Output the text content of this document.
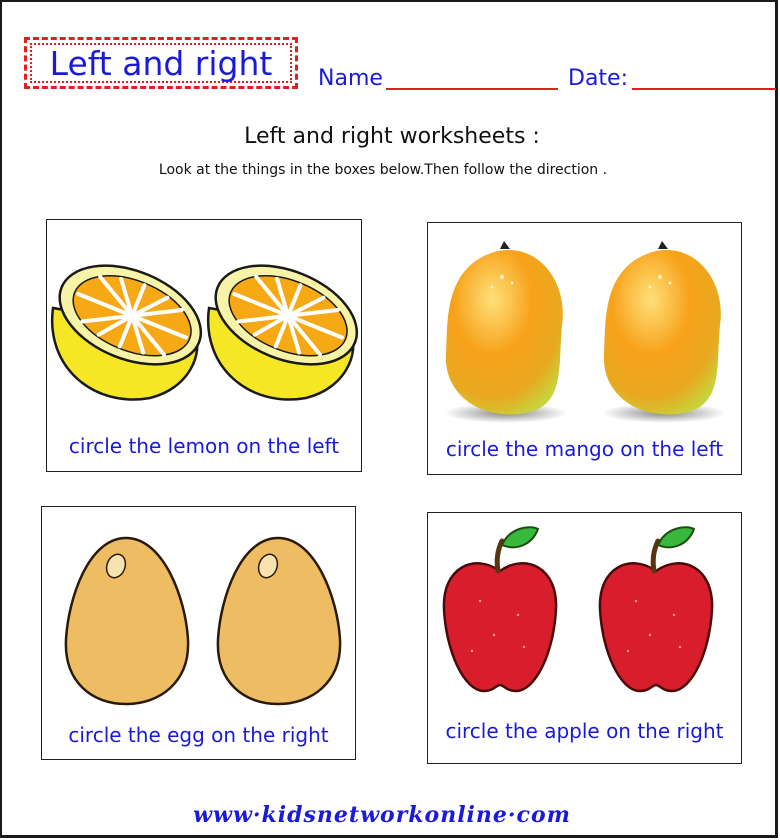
Left and right Name	Date:
Left and right worksheets :
Look at the things in the boxes below.Then follow the direction .
circle the lemon on the left	circle the mango on the left
circle the egg on the right	circle the apple on the right
www·kidsnetworkonline·com
